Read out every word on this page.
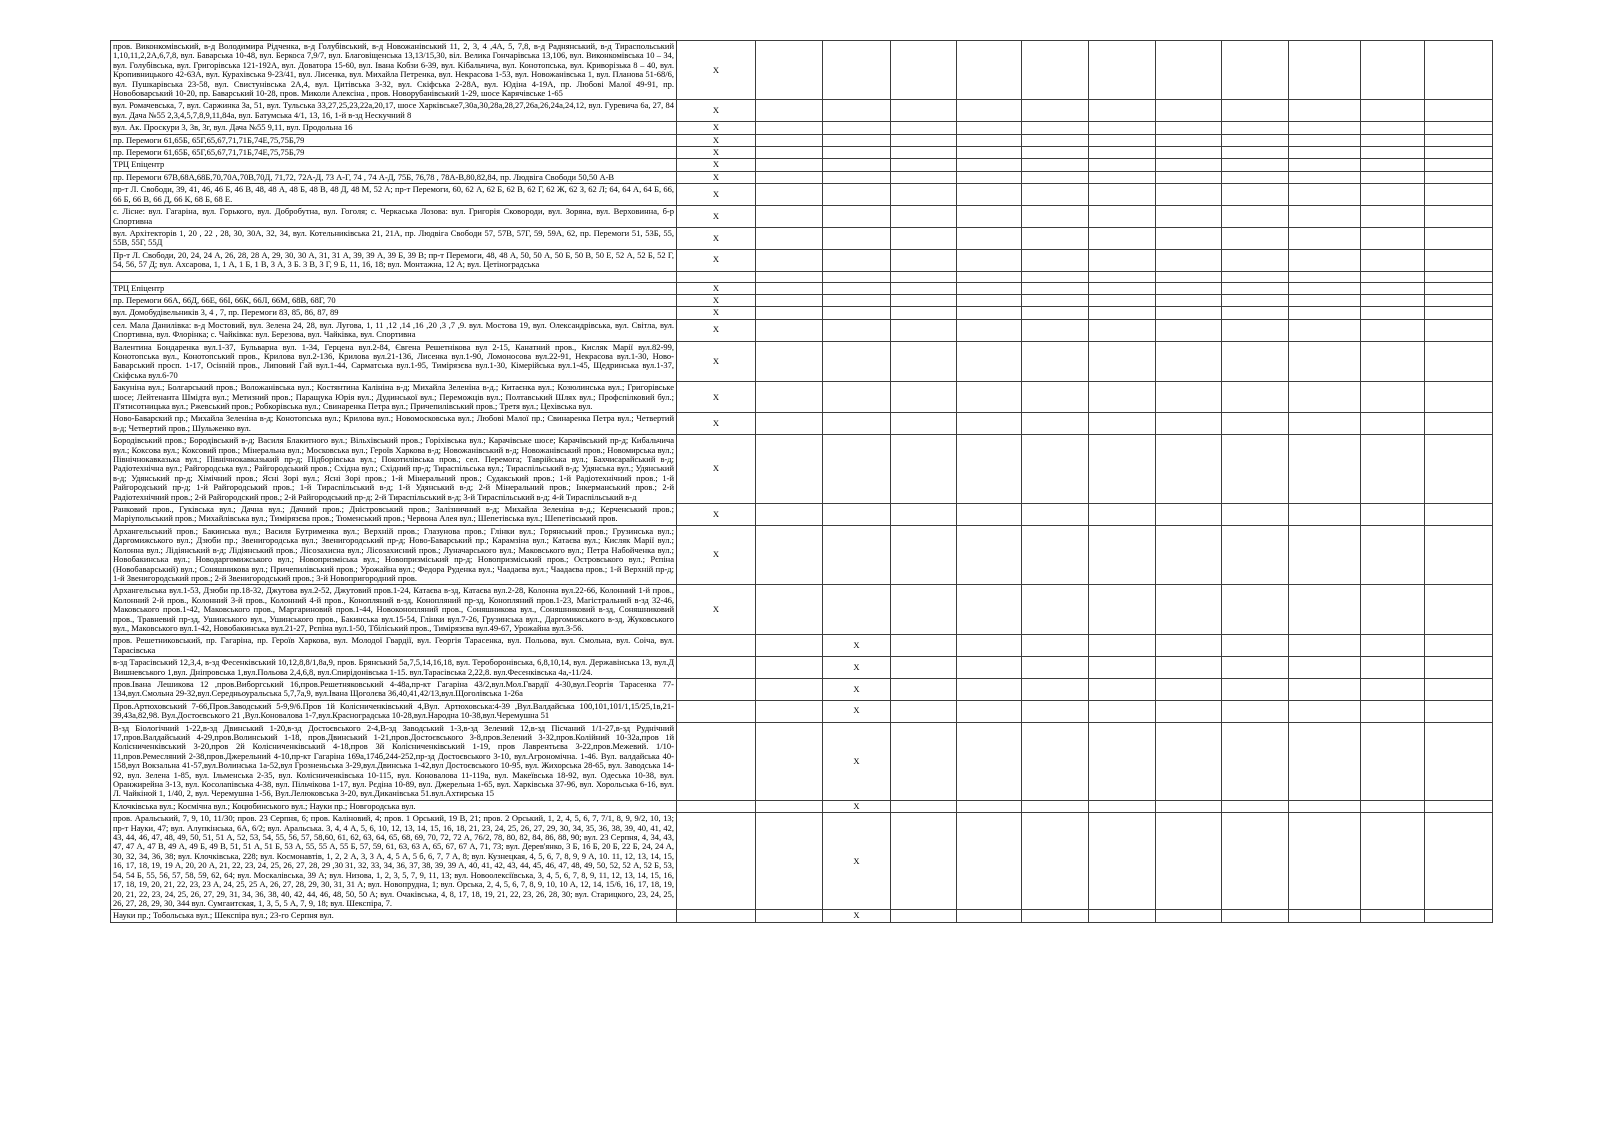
пров. Виконкомівський, в-д Володимира Рідченка, в-д Голубівський, в-д Новожанівський 11, 2, 3, 4 ,4А, 5, 7,8, в-д Раднянський, в-д Тираспольський 1,10,11,2,2А,6,7,8, вул. Баварська 10-48, вул. Беркоса 7,9/7, вул. Благовіщенська 13,13/15,30, віл. Велика Гончарівська 13,106, вул. Виконкомівська 10 – 34, вул. Голубівська, вул. Григорівська 121-192А, вул. Доватора 15-60, вул. Івана Кобзи 6-39, вул. Кібальчича, вул. Конотопська, вул. Криворізька 8 – 40, вул. Кропивницького 42-63А, вул. Курахівська 9-23/41, вул. Лисенка, вул. Михайла Петренка, вул. Некрасова 1-53, вул. Новожанівська 1, вул. Планова 51-68/6, вул. Пушкарівська 23-58, вул. Свистунівська 2А,4, вул. Цитівська 3-32, вул. Скіфська 2-28А, вул. Юдіна 4-19А, пр. Любові Малої 49-91, пр. Новобоварський 10-20, пр. Баварський 10-28, пров. Миколи Алексіна , пров. Новорубанівський 1-29, шосе Карячівське 1-65	X											
вул. Ромачевська, 7, вул. Саржинка 3а, 51, вул. Тульська 33,27,25,23,22а,20,17, шосе Харківське7,30а,30,28а,28,27,26а,26,24а,24,12, вул. Гуревича 6а, 27, 84 вул. Дача №55 2,3,4,5,7,8,9,11,84а, вул. Батумська 4/1, 13, 16, 1-й в-зд Нескучний 8	X											
вул. Ак. Проскури 3, 3в, 3г, вул. Дача №55 9,11, вул. Продольна 16	X											
пр. Перемоги 61,65Б, 65Г,65,67,71,71Б,74Е,75,75Б,79	X											
пр. Перемоги 61,65Б, 65Г,65,67,71,71Б,74Е,75,75Б,79	X											
ТРЦ Епіцентр	X											
пр. Перемоги 67В,68А,68Б,70,70А,70В,70Д, 71,72, 72А-Д, 73 А-Г, 74 , 74 А-Д, 75Б, 76,78 , 78А-В,80,82,84, пр. Людвіга Свободи 50,50 А-В	X											
пр-т Л. Свободи, 39, 41, 46, 46 Б, 46 В, 48, 48 А, 48 Б, 48 В, 48 Д, 48 М, 52 А; пр-т Перемоги, 60, 62 А, 62 Б, 62 В, 62 Г, 62 Ж, 62 З, 62 Л; 64, 64 А, 64 Б, 66, 66 Б, 66 В, 66 Д, 66 К, 68 Б, 68 Е.	X											
с. Лісне: вул. Гагаріна, вул. Горького, вул. Добробутна, вул. Гоголя; с. Черкаська Лозова: вул. Григорія Сковороди, вул. Зоряна, вул. Верховинна, б-р Спортивна	X											
вул. Архітекторів 1, 20 , 22 , 28, 30, 30А, 32, 34, вул. Котельниківська 21, 21А, пр. Людвіга Свободи 57, 57В, 57Г, 59, 59А, 62, пр. Перемоги 51, 53Б, 55, 55В, 55Г, 55Д	X											
Пр-т Л. Свободи, 20, 24, 24 А, 26, 28, 28 А, 29, 30, 30 А, 31, 31 А, 39, 39 А, 39 Б, 39 В; пр-т Перемоги, 48, 48 А, 50, 50 А, 50 Б, 50 В, 50 Е, 52 А, 52 Б, 52 Г, 54, 56, 57 Д; вул. Ахсарова, 1, 1 А, 1 Б, 1 В, 3 А, 3 Б. 3 В, 3 Г, 9 Б, 11, 16, 18; вул. Монтажна, 12 А; вул. Цетіноградська	X											

ТРЦ Епіцентр	X											
пр. Перемоги 66А, 66Д, 66Е, 66І, 66К, 66Л, 66М, 68В, 68Г, 70	X											
вул. Домобудівельників 3, 4 , 7, пр. Перемоги 83, 85, 86, 87, 89	X											
сел. Мала Данилівка: в-д Мостовий, вул. Зелена 24, 28, вул. Лугова, 1, 11 ,12 ,14 ,16 ,20 ,3 ,7 ,9. вул. Мостова 19, вул. Олександрівська, вул. Світла, вул. Спортивна, вул. Флорінка; с. Чайківка: вул. Березова, вул. Чайківка, вул. Спортивна	X											
Валентина Бондаренка вул.1-37, Бульварна вул. 1-34, Герцена вул.2-84, Євгена Решетнікова вул 2-15, Канатний пров., Кисляк Марії вул.82-99, Конотопська вул., Конотопський пров., Крилова вул.2-136, Крилова вул.21-136, Лисенка вул.1-90, Ломоносова вул.22-91, Некрасова вул.1-30, Ново-Баварський просп. 1-17, Осінній пров., Липовий Гай вул.1-44, Сарматська вул.1-95, Тимірязєва вул.1-30, Кімерійська вул.1-45, Щедринська вул.1-37, Скіфська вул.6-70	X											
Бакуніна вул.; Болгарський пров.; Воложанівська вул.; Костянтина Калініна в-д; Михайла Зеленіна в-д.; Китаєнка вул.; Козюлинська вул.; Григорівське шосе; Лейтенанта Шмідта вул.; Метизний пров.; Паращука Юрія вул.; Дудинської вул.; Переможців вул.; Полтавський Шлях вул.; Профспілковий бул.; П'ятисотницька вул.; Ржевський пров.; Робкорівська вул.; Свинаренка Петра вул.; Причепилівський пров.; Третя вул.; Цехівська вул.	X											
Ново-Баварский пр.; Михайла Зеленіна в-д; Конотопська вул.; Крилова вул.; Новомосковська вул.; Любові Малої пр.; Свинаренка Петра вул.; Четвертий в-д; Четвертий пров.; Шульженко вул.	X											
Бородівський пров.; Бородівський в-д; Василя Блакитного вул.; Вільхівський пров.; Горіхівська вул.; Карачівське шосе; Карачівський пр-д; Кибальчича вул.; Коксова вул.; Коксовий пров.; Мінеральна вул.; Московська вул.; Героїв Харкова в-д; Новожанівський в-д; Новожанівський пров.; Новомирська вул.; Північнокавказька вул.; Північнокавказький пр-д; Підборівська вул.; Покотилівська пров.; сел. Перемога; Таврійська вул.; Бахчисарайський в-д; Радіотехнічна вул.; Райгородська вул.; Райгородський пров.; Східна вул.; Східний пр-д; Тираспільська вул.; Тираспільський в-д; Удянська вул.; Удянський в-д; Удянський пр-д; Хімічний пров.; Ясні Зорі вул.; Ясні Зорі пров.; 1-й Мінеральний пров.; Судакський пров.; 1-й Радіотехнічний пров.; 1-й Райгородський пр-д; 1-й Райгородський пров.; 1-й Тираспільський в-д; 1-й Удянський в-д; 2-й Мінеральний пров.; Інкерманський пров.; 2-й Радіотехнічний пров.; 2-й Райгородский пров.; 2-й Райгородський пр-д; 2-й Тираспільський в-д; 3-й Тираспільський в-д; 4-й Тираспільський в-д	X											
Ранковий пров., Гуківська вул.; Дачна вул.; Дачний пров.; Дністровський пров.; Залізничний в-д; Михайла Зеленіна в-д.; Керченський пров.; Маріупольський пров.; Михайлівська вул.; Тимірязєва пров.; Тюменський пров.; Червона Алея вул.; Шепетівська вул.; Шепетівський пров.	X											
Архангельський пров.; Бакинська вул.; Василя Бутрименка вул.; Верхній пров.; Глазунова пров.; Глінки вул.; Горянський пров.; Грузинська вул.; Даргомижського вул.; Дзюби пр.; Звенигородська вул.; Звенигородський пр-д; Ново-Баварський пр.; Карамзіна вул.; Катаєва вул.; Кисляк Марії вул.; Колонна вул.; Лідіянський в-д; Лідіянський пров.; Лісозахисна вул.; Лісозахисний пров.; Луначарського вул.; Маковського вул.; Петра Набойченка вул.; Новобакинська вул.; Новодаргомижського вул.; Новопризміська вул.; Новопризміський пр-д; Новопризміський пров.; Островського вул.; Рєпіна (Новобаварський) вул.; Соняшникова вул.; Причепилівський пров.; Урожайна вул.; Федора Руденка вул.; Чаадаєва вул.; Чаадаєва пров.; 1-й Верхній пр-д; 1-й Звенигородський пров.; 2-й Звенигородський пров.; 3-й Новопригородний пров.	X											
Архангельська вул.1-53, Дзюби пр.18-32, Джутова вул.2-52, Джутовий пров.1-24, Катаєва в-зд, Катаєва вул.2-28, Колонна вул.22-66, Колонний 1-й пров., Колонний 2-й пров., Колонний 3-й пров., Колонний 4-й пров., Конопляний в-зд, Конопляний пр-зд, Конопляний пров.1-23, Магістральний в-зд 32-46, Маковського пров.1-42, Маковського пров., Маргариновий пров.1-44, Новоконопляний пров., Соняшникова вул., Соняшниковий в-зд, Соняшниковий пров., Травневий пр-зд, Ушинського вул., Ушинського пров., Бакинська вул.15-54, Глінки вул.7-26, Грузинська вул., Даргомижського в-зд, Жуковського вул., Маковського вул.1-42, Новобакинська вул.21-27, Рєпіна вул.1-50, Тбіліський пров., Тимірязєва вул.49-67, Урожайна вул.3-56.	X											
пров. Решетниковський, пр. Гагаріна, пр. Героїв Харкова, вул. Молодої Гвардії, вул. Георгія Тарасенка, вул. Польова, вул. Смольна, вул. Соіча, вул. Тарасівська			X									
в-зд Тарасівський 12,3,4, в-зд Фесенківський 10,12,8,8/1,8а,9, пров. Брянський 5а,7,5,14,16,18, вул. Тероборонівська, 6,8,10,14, вул. Державінська 13, вул.Д Вишневського 1,вул. Дніпровська 1,вул.Польова 2,4,6,8, вул.Спирідонівська 1-15. вул.Тарасівська 2,22,8. вул.Фесенківська 4а,-11/24.			X									
пров.Івана Лешикова 12 ,пров.Виборгський 16,пров.Решетняковський 4-48а,пр-кт Гагаріна 43/2,вул.Мол.Гвардії 4-30,вул.Георгія Тарасенка 77-134,вул.Смольна 29-32,вул.Середньоуральська 5,7,7а,9, вул.Івана Щоголєва 36,40,41,42/13,вул.Щоголівська 1-26а			X									
Пров.Артюховський 7-66,Пров.Заводський 5-9,9/6.Пров 1й Колісниченківський 4,Вул. Артюховська:4-39 ,Вул.Валдайська 100,101,101/1,15/25,1в,21-39,43а,82,98. Вул.Достоєвського 21 ,Вул.Коновалова 1-7,вул.Красноградська 10-28,вул.Народна 10-38,вул.Черемушна 51			X									
В-зд Біологічний 1-22,в-зд Двинський 1-20,в-зд Достоєвського 2-4,В-зд Заводський 1-3,в-зд Зелений 12,в-зд Пісчаний 1/1-27,в-зд Руднічний 17,пров.Валдайський 4-29,пров.Волинський 1-18, пров.Двинський 1-21,пров.Достоєвського 3-8,пров.Зелений 3-32,пров.Колійний 10-32а,пров 1й Колісниченківський 3-20,пров 2й Колісниченківський 4-18,пров 3й Колісниченківський 1-19, пров Лаврентьєва 3-22,пров.Межевий. 1/10-11,пров.Ремесляний 2-38,пров.Джерельний 4-10,пр-кт Гагаріна 169а,174б,244-252,пр-зд Достоєвського 3-10, вул.Агрономічна. 1-46. Вул. валдайська 40-158,вул Вокзальна 41-57,вул.Волинська 1а-52,вул Грозненьська 3-29,вул.Двинська 1-42,вул Достоєвського 10-95, вул. Жихорська 28-65, вул. Заводська 14-92, вул. Зелена 1-85, вул. Ільменська 2-35, вул. Колісниченківська 10-115, вул. Коновалова 11-119а, вул. Макеївська 18-92, вул. Одеська 10-38, вул. Оранжирейна 3-13, вул. Косолапівська 4-38, вул. Пільчікова 1-17, вул. Рєдіна 10-89, вул. Джерельна 1-65, вул. Харківська 37-96, вул. Хорольська 6-16, вул. Л. Чайкіной 1, 1/40, 2, вул. Черемушна 1-56, Вул.Лелюковська 3-20, вул.Диканівська 51.вул.Ахтирська 15			X									
Клочківська вул.; Космічна вул.; Коцюбинського вул.; Науки пр.; Новгородська вул.			X									
пров. Аральський, 7, 9, 10, 11/30; пров. 23 Серпня, 6; пров. Каліновий, 4; пров. 1 Орський, 19 В, 21; пров. 2 Орський, 1, 2, 4, 5, 6, 7, 7/1, 8, 9, 9/2, 10, 13; пр-т Науки, 47; вул. Алупкінська, 6А, 6/2; вул. Аральська. 3, 4, 4 А, 5, 6, 10, 12, 13, 14, 15, 16, 18, 21, 23, 24, 25, 26, 27, 29, 30, 34, 35, 36, 38, 39, 40, 41, 42, 43, 44, 46, 47, 48, 49, 50, 51, 51 А, 52, 53, 54, 55, 56, 57, 58,60, 61, 62, 63, 64, 65, 68, 69, 70, 72, 72 А, 76/2, 78, 80, 82, 84, 86, 88, 90; вул. 23 Серпня, 4, 34, 43, 47, 47 А, 47 В, 49 А, 49 Б, 49 В, 51, 51 А, 51 Б, 53 А, 55, 55 А, 55 Б, 57, 59, 61, 63, 63 А, 65, 67, 67 А, 71, 73; вул. Дерев'янко, 3 Б, 16 Б, 20 Б, 22 Б, 24, 24 А, 30, 32, 34, 36, 38; вул. Клочківська, 228; вул. Космонавтів, 1, 2, 2 А, 3, 3 А, 4, 5 А, 5 б, 6, 7, 7 А, 8; вул. Кузнецкая, 4, 5, 6, 7, 8, 9, 9 А, 10. 11, 12, 13, 14, 15, 16, 17, 18, 19, 19 А, 20, 20 А, 21, 22, 23, 24, 25, 26, 27, 28, 29 ,30 31, 32, 33, 34, 36, 37, 38, 39, 39 А, 40, 41, 42, 43, 44, 45, 46, 47, 48, 49, 50, 52, 52 А, 52 Б, 53, 54, 54 Б, 55, 56, 57, 58, 59, 62, 64; вул. Москалівська, 39 А; вул. Низова, 1, 2, 3, 5, 7, 9, 11, 13; вул. Новоолексіївська, 3, 4, 5, 6, 7, 8, 9, 11, 12, 13, 14, 15, 16, 17, 18, 19, 20, 21, 22, 23, 23 А, 24, 25, 25 А, 26, 27, 28, 29, 30, 31, 31 А; вул. Новопрудна, 1; вул. Орська, 2, 4, 5, 6, 7, 8, 9, 10, 10 А, 12, 14, 15/6, 16, 17, 18, 19, 20, 21, 22, 23, 24, 25, 26, 27, 29, 31, 34, 36, 38, 40, 42, 44, 46, 48, 50, 50 А; вул. Очаківська, 4, 8, 17, 18, 19, 21, 22, 23, 26, 28, 30; вул. Старицкого, 23, 24, 25, 26, 27, 28, 29, 30, 344 вул. Сумгаитская, 1, 3, 5, 5 А, 7, 9, 18; вул. Шекспіра, 7.			X									
Науки пр.; Тобольська вул.; Шекспіра вул.; 23-го Серпня вул.			X									
